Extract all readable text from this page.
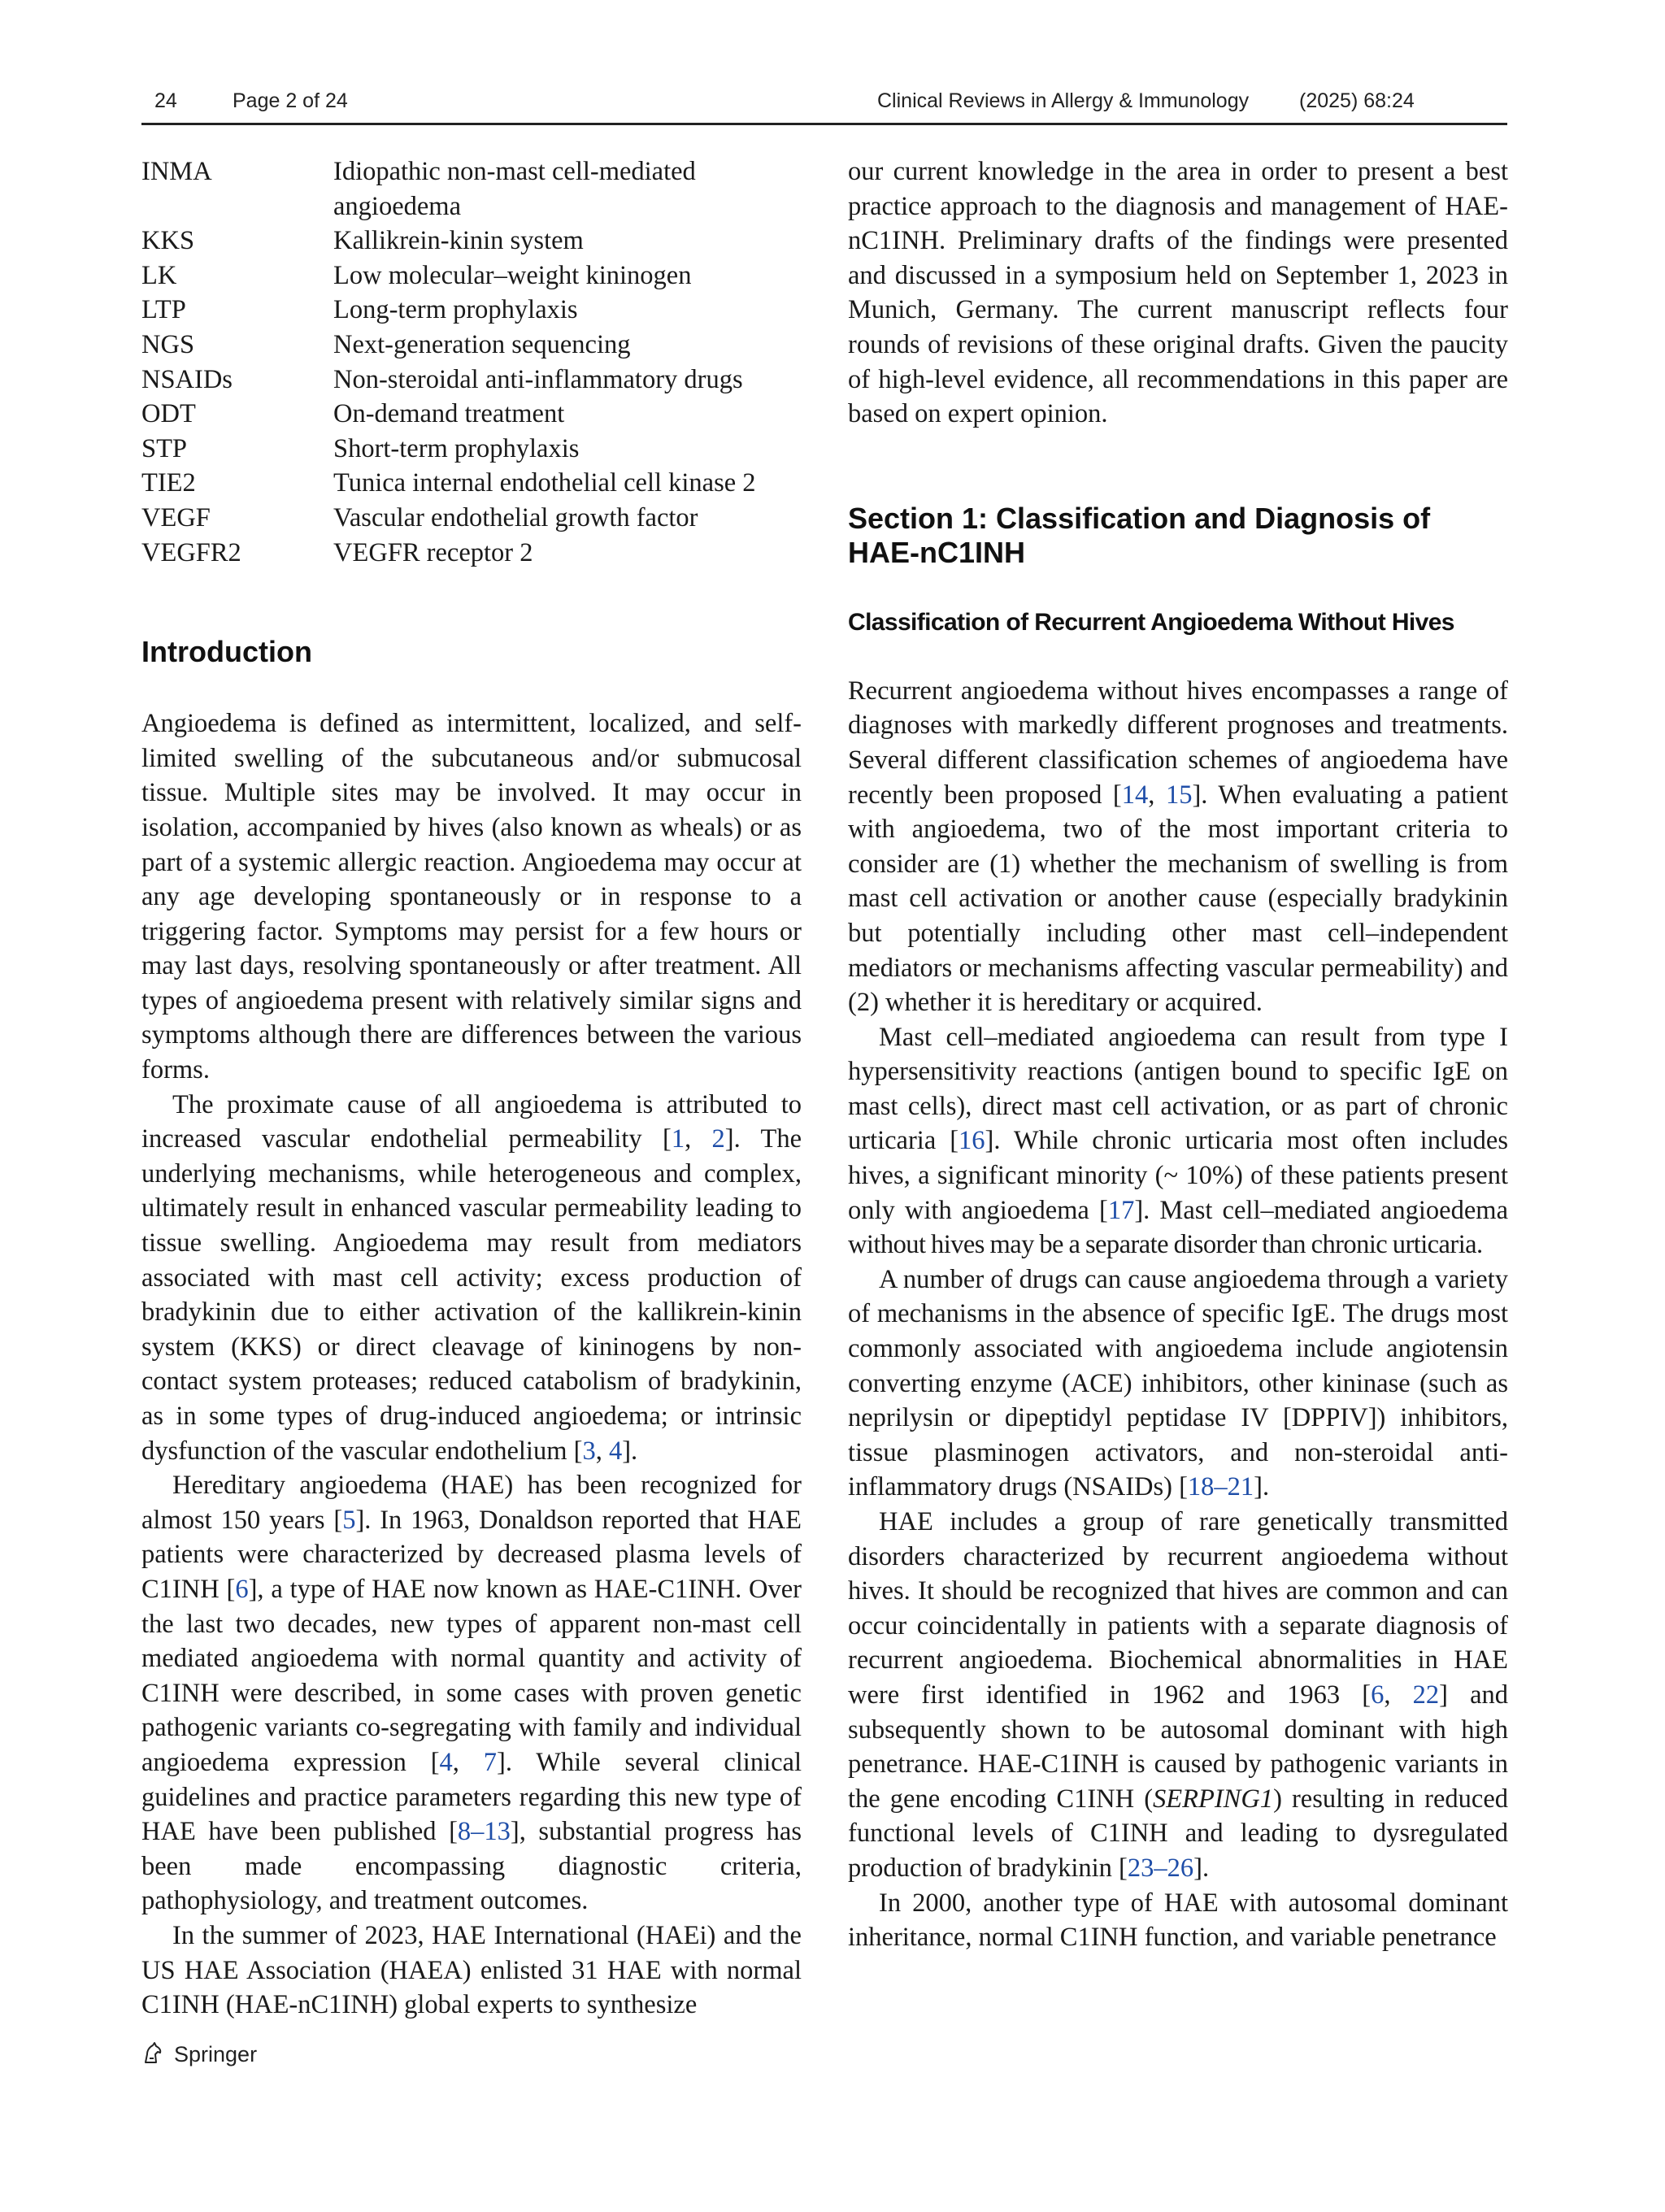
24	Page 2 of 24	Clinical Reviews in Allergy & Immunology (2025) 68:24
INMA	Idiopathic non-mast cell-mediated angioedema
KKS	Kallikrein-kinin system
LK	Low molecular–weight kininogen
LTP	Long-term prophylaxis
NGS	Next-generation sequencing
NSAIDs	Non-steroidal anti-inflammatory drugs
ODT	On-demand treatment
STP	Short-term prophylaxis
TIE2	Tunica internal endothelial cell kinase 2
VEGF	Vascular endothelial growth factor
VEGFR2	VEGFR receptor 2
Introduction

Angioedema is defined as intermittent, localized, and self-limited swelling of the subcutaneous and/or submucosal tissue. Multiple sites may be involved. It may occur in isolation, accompanied by hives (also known as wheals) or as part of a systemic allergic reaction. Angioedema may occur at any age developing spontaneously or in response to a triggering factor. Symptoms may persist for a few hours or may last days, resolving spontaneously or after treatment. All types of angioedema present with relatively similar signs and symptoms although there are differences between the various forms.

The proximate cause of all angioedema is attributed to increased vascular endothelial permeability [1, 2]. The underlying mechanisms, while heterogeneous and complex, ultimately result in enhanced vascular permeability leading to tissue swelling. Angioedema may result from mediators associated with mast cell activity; excess production of bradykinin due to either activation of the kallikrein-kinin system (KKS) or direct cleavage of kininogens by non- contact system proteases; reduced catabolism of bradykinin, as in some types of drug-induced angioedema; or intrinsic dysfunction of the vascular endothelium [3, 4].

Hereditary angioedema (HAE) has been recognized for almost 150 years [5]. In 1963, Donaldson reported that HAE patients were characterized by decreased plasma levels of C1INH [6], a type of HAE now known as HAE-C1INH. Over the last two decades, new types of apparent non-mast cell mediated angioedema with normal quantity and activity of C1INH were described, in some cases with proven genetic pathogenic variants co-segregating with family and individual angioedema expression [4, 7]. While several clinical guidelines and practice parameters regarding this new type of HAE have been published [8–13], substantial progress has been made encompassing diagnostic criteria, pathophysiology, and treatment outcomes.

In the summer of 2023, HAE International (HAEi) and the US HAE Association (HAEA) enlisted 31 HAE with normal C1INH (HAE-nC1INH) global experts to synthesize

our current knowledge in the area in order to present a best practice approach to the diagnosis and management of HAE-nC1INH. Preliminary drafts of the findings were presented and discussed in a symposium held on September 1, 2023 in Munich, Germany. The current manuscript reflects four rounds of revisions of these original drafts. Given the paucity of high-level evidence, all recommendations in this paper are based on expert opinion.

Section 1: Classification and Diagnosis of HAE-nC1INH
Classification of Recurrent Angioedema Without Hives

Recurrent angioedema without hives encompasses a range of diagnoses with markedly different prognoses and treatments. Several different classification schemes of angioedema have recently been proposed [14, 15]. When evaluating a patient with angioedema, two of the most important criteria to consider are (1) whether the mechanism of swelling is from mast cell activation or another cause (especially bradykinin but potentially including other mast cell–independent mediators or mechanisms affecting vascular permeability) and (2) whether it is hereditary or acquired.

Mast cell–mediated angioedema can result from type I hypersensitivity reactions (antigen bound to specific IgE on mast cells), direct mast cell activation, or as part of chronic urticaria [16]. While chronic urticaria most often includes hives, a significant minority (~ 10%) of these patients present only with angioedema [17]. Mast cell–mediated angioedema without hives may be a separate disorder than chronic urticaria.

A number of drugs can cause angioedema through a variety of mechanisms in the absence of specific IgE. The drugs most commonly associated with angioedema include angiotensin converting enzyme (ACE) inhibitors, other kininase (such as neprilysin or dipeptidyl peptidase IV [DPPIV]) inhibitors, tissue plasminogen activators, and non-steroidal anti-inflammatory drugs (NSAIDs) [18–21].

HAE includes a group of rare genetically transmitted disorders characterized by recurrent angioedema without hives. It should be recognized that hives are common and can occur coincidentally in patients with a separate diagnosis of recurrent angioedema. Biochemical abnormalities in HAE were first identified in 1962 and 1963 [6, 22] and subsequently shown to be autosomal dominant with high penetrance. HAE-C1INH is caused by pathogenic variants in the gene encoding C1INH (SERPING1) resulting in reduced functional levels of C1INH and leading to dysregulated production of bradykinin [23–26].

In 2000, another type of HAE with autosomal dominant inheritance, normal C1INH function, and variable penetrance

Springer
